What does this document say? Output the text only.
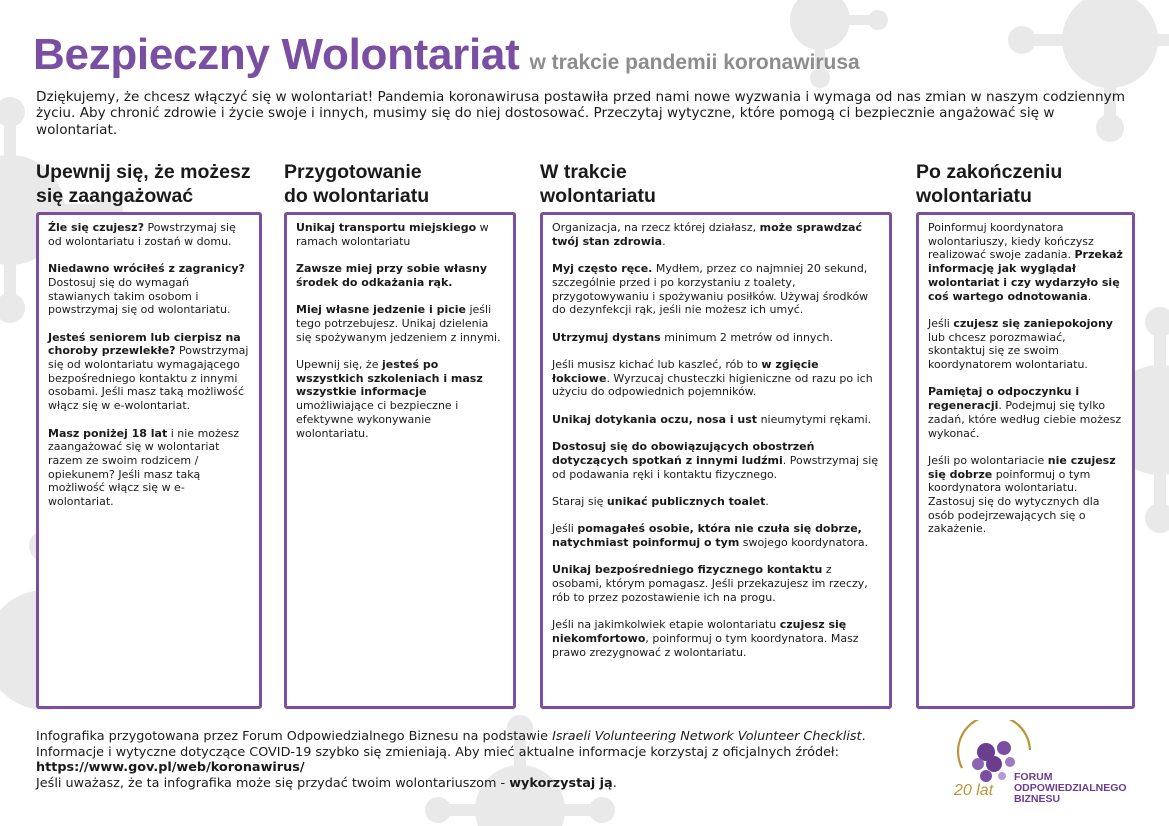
Bezpieczny Wolontariat w trakcie pandemii koronawirusa
Dziękujemy, że chcesz włączyć się w wolontariat! Pandemia koronawirusa postawiła przed nami nowe wyzwania i wymaga od nas zmian w naszym codziennym życiu. Aby chronić zdrowie i życie swoje i innych, musimy się do niej dostosować. Przeczytaj wytyczne, które pomogą ci bezpiecznie angażować się w wolontariat.
Upewnij się, że możesz
się zaangażować

Źle się czujesz? Powstrzymaj się od wolontariatu i zostań w domu.

Niedawno wróciłeś z zagranicy? Dostosuj się do wymagań stawianych takim osobom i powstrzymaj się od wolontariatu.

Jesteś seniorem lub cierpisz na choroby przewlekłe? Powstrzymaj się od wolontariatu wymagającego bezpośredniego kontaktu z innymi osobami. Jeśli masz taką możliwość włącz się w e-wolontariat.

Masz poniżej 18 lat i nie możesz zaangażować się w wolontariat razem ze swoim rodzicem / opiekunem? Jeśli masz taką możliwość włącz się w e-wolontariat.

Przygotowanie
do wolontariatu

Unikaj transportu miejskiego w ramach wolontariatu

Zawsze miej przy sobie własny środek do odkażania rąk.

Miej własne jedzenie i picie jeśli tego potrzebujesz. Unikaj dzielenia się spożywanym jedzeniem z innymi.

Upewnij się, że jesteś po wszystkich szkoleniach i masz wszystkie informacje umożliwiające ci bezpieczne i efektywne wykonywanie wolontariatu.

W trakcie
wolontariatu

Organizacja, na rzecz której działasz, może sprawdzać twój stan zdrowia.

Myj często ręce. Mydłem, przez co najmniej 20 sekund, szczególnie przed i po korzystaniu z toalety, przygotowywaniu i spożywaniu posiłków. Używaj środków do dezynfekcji rąk, jeśli nie możesz ich umyć.

Utrzymuj dystans minimum 2 metrów od innych.

Jeśli musisz kichać lub kaszleć, rób to w zgięcie łokciowe. Wyrzucaj chusteczki higieniczne od razu po ich użyciu do odpowiednich pojemników.

Unikaj dotykania oczu, nosa i ust nieumytymi rękami.

Dostosuj się do obowiązujących obostrzeń dotyczących spotkań z innymi ludźmi. Powstrzymaj się od podawania ręki i kontaktu fizycznego.

Staraj się unikać publicznych toalet.

Jeśli pomagałeś osobie, która nie czuła się dobrze, natychmiast poinformuj o tym swojego koordynatora.

Unikaj bezpośredniego fizycznego kontaktu z osobami, którym pomagasz. Jeśli przekazujesz im rzeczy, rób to przez pozostawienie ich na progu.

Jeśli na jakimkolwiek etapie wolontariatu czujesz się niekomfortowo, poinformuj o tym koordynatora. Masz prawo zrezygnować z wolontariatu.

Po zakończeniu
wolontariatu

Poinformuj koordynatora wolontariuszy, kiedy kończysz realizować swoje zadania. Przekaż informację jak wyglądał wolontariat i czy wydarzyło się coś wartego odnotowania.

Jeśli czujesz się zaniepokojony lub chcesz porozmawiać, skontaktuj się ze swoim koordynatorem wolontariatu.

Pamiętaj o odpoczynku i regeneracji. Podejmuj się tylko zadań, które według ciebie możesz wykonać.

Jeśli po wolontariacie nie czujesz się dobrze poinformuj o tym koordynatora wolontariatu. Zastosuj się do wytycznych dla osób podejrzewających się o zakażenie.

Infografika przygotowana przez Forum Odpowiedzialnego Biznesu na podstawie Israeli Volunteering Network Volunteer Checklist.
Informacje i wytyczne dotyczące COVID-19 szybko się zmieniają. Aby mieć aktualne informacje korzystaj z oficjalnych źródeł:
https://www.gov.pl/web/koronawirus/
Jeśli uważasz, że ta infografika może się przydać twoim wolontariuszom - wykorzystaj ją.	FORUM
ODPOWIEDZIALNEGO
BIZNESU
20 lat
